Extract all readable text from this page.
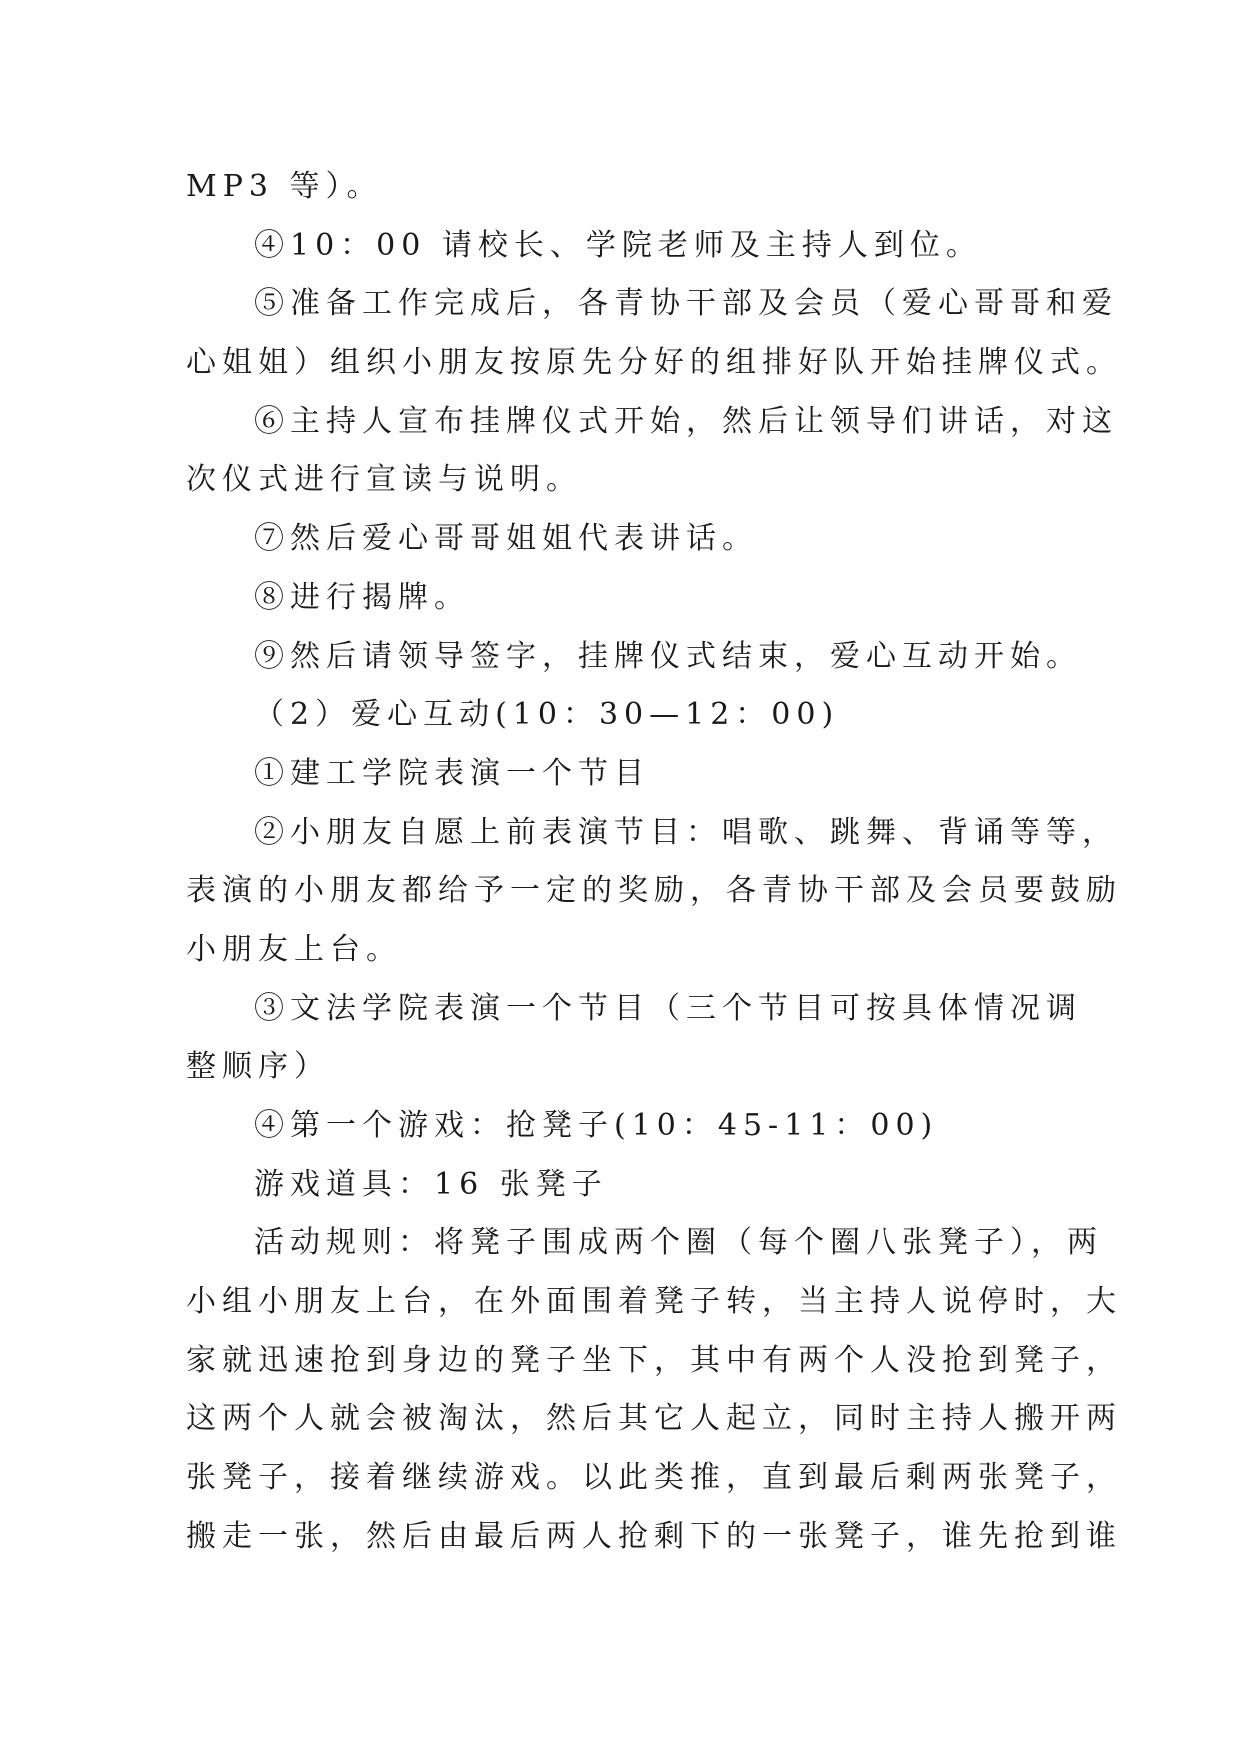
MP3 等）。
④10：00 请校长、学院老师及主持人到位。
⑤准备工作完成后，各青协干部及会员（爱心哥哥和爱
心姐姐）组织小朋友按原先分好的组排好队开始挂牌仪式。
⑥主持人宣布挂牌仪式开始，然后让领导们讲话，对这
次仪式进行宣读与说明。
⑦然后爱心哥哥姐姐代表讲话。
⑧进行揭牌。
⑨然后请领导签字，挂牌仪式结束，爱心互动开始。
（2）爱心互动(10：30—12：00)
①建工学院表演一个节目
②小朋友自愿上前表演节目：唱歌、跳舞、背诵等等，
表演的小朋友都给予一定的奖励，各青协干部及会员要鼓励
小朋友上台。
③文法学院表演一个节目（三个节目可按具体情况调
整顺序）
④第一个游戏：抢凳子(10：45-11：00)
游戏道具：16 张凳子
活动规则：将凳子围成两个圈（每个圈八张凳子），两
小组小朋友上台，在外面围着凳子转，当主持人说停时，大
家就迅速抢到身边的凳子坐下，其中有两个人没抢到凳子，
这两个人就会被淘汰，然后其它人起立，同时主持人搬开两
张凳子，接着继续游戏。以此类推，直到最后剩两张凳子，
搬走一张，然后由最后两人抢剩下的一张凳子，谁先抢到谁
